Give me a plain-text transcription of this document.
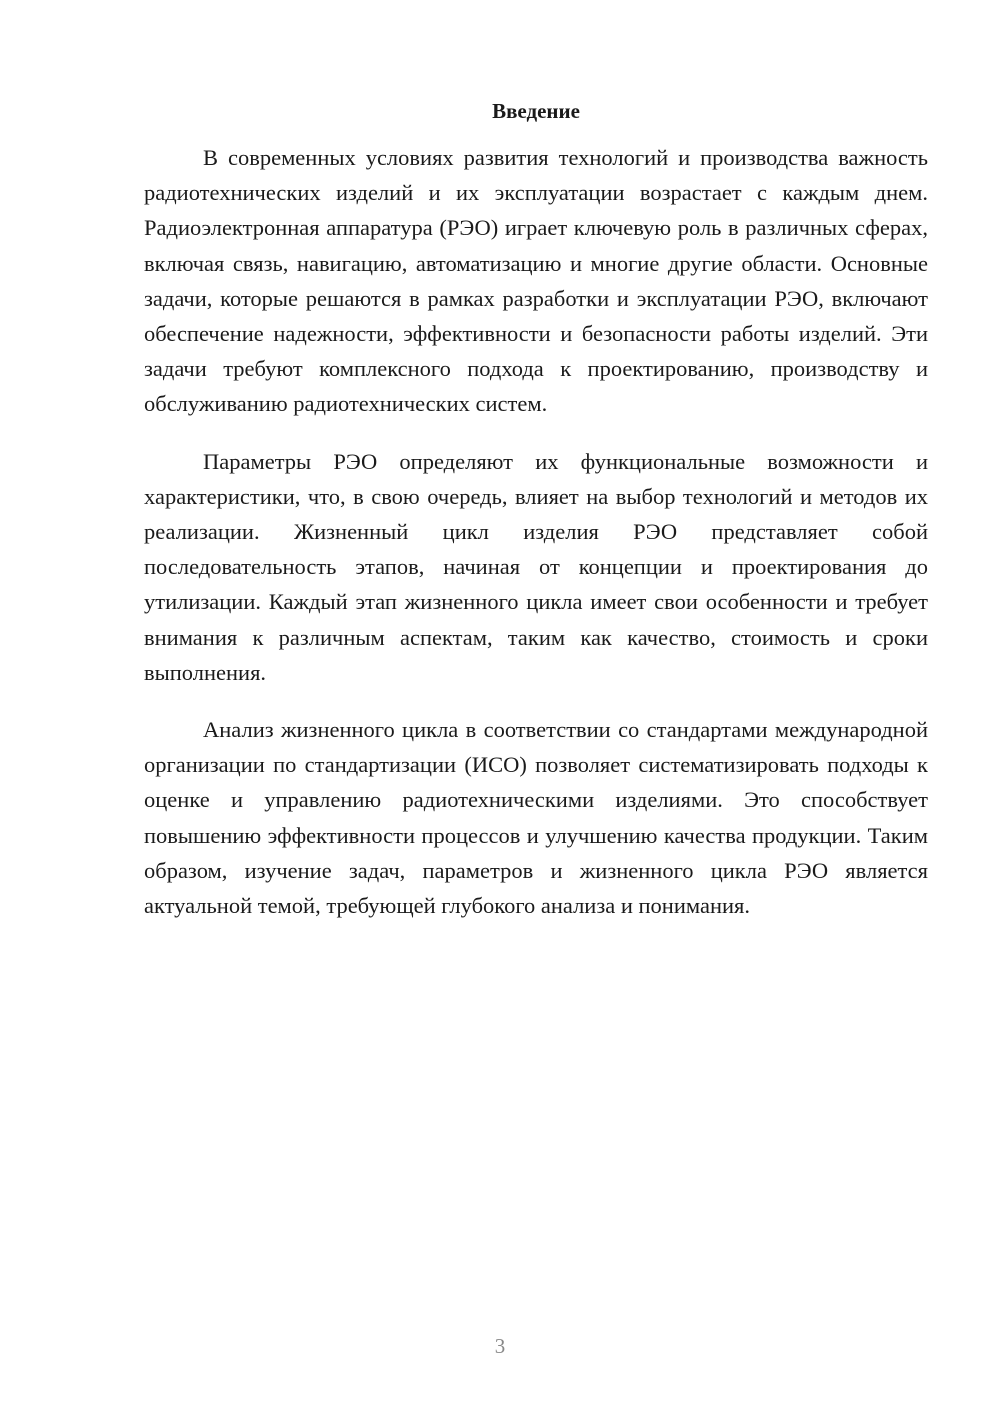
Введение

В современных условиях развития технологий и производства важность радиотехнических изделий и их эксплуатации возрастает с каждым днем. Радиоэлектронная аппаратура (РЭО) играет ключевую роль в различных сферах, включая связь, навигацию, автоматизацию и многие другие области. Основные задачи, которые решаются в рамках разработки и эксплуатации РЭО, включают обеспечение надежности, эффективности и безопасности работы изделий. Эти задачи требуют комплексного подхода к проектированию, производству и обслуживанию радиотехнических систем.

Параметры РЭО определяют их функциональные возможности и характеристики, что, в свою очередь, влияет на выбор технологий и методов их реализации. Жизненный цикл изделия РЭО представляет собой последовательность этапов, начиная от концепции и проектирования до утилизации. Каждый этап жизненного цикла имеет свои особенности и требует внимания к различным аспектам, таким как качество, стоимость и сроки выполнения.

Анализ жизненного цикла в соответствии со стандартами международной организации по стандартизации (ИСО) позволяет систематизировать подходы к оценке и управлению радиотехническими изделиями. Это способствует повышению эффективности процессов и улучшению качества продукции. Таким образом, изучение задач, параметров и жизненного цикла РЭО является актуальной темой, требующей глубокого анализа и понимания.

3
